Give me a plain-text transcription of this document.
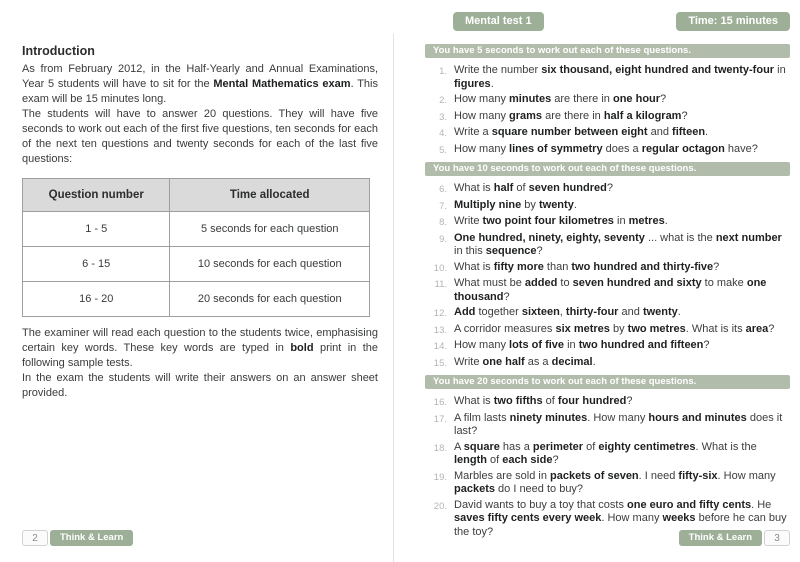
Introduction

As from February 2012, in the Half-Yearly and Annual Examinations, Year 5 students will have to sit for the Mental Mathematics exam. This exam will be 15 minutes long.

The students will have to answer 20 questions. They will have five seconds to work out each of the first five questions, ten seconds for each of the next ten questions and twenty seconds for each of the last five questions:

Question number	Time allocated
1 - 5	5 seconds for each question
6 - 15	10 seconds for each question
16 - 20	20 seconds for each question

The examiner will read each question to the students twice, emphasising certain key words. These key words are typed in bold print in the following sample tests.

In the exam the students will write their answers on an answer sheet provided.

Mental test 1	Time: 15 minutes
You have 5 seconds to work out each of these questions.
1. Write the number six thousand, eight hundred and twenty-four in figures.
2. How many minutes are there in one hour?
3. How many grams are there in half a kilogram?
4. Write a square number between eight and fifteen.
5. How many lines of symmetry does a regular octagon have?
You have 10 seconds to work out each of these questions.
6. What is half of seven hundred?
7. Multiply nine by twenty.
8. Write two point four kilometres in metres.
9. One hundred, ninety, eighty, seventy ... what is the next number in this sequence?
10. What is fifty more than two hundred and thirty-five?
11. What must be added to seven hundred and sixty to make one thousand?
12. Add together sixteen, thirty-four and twenty.
13. A corridor measures six metres by two metres. What is its area?
14. How many lots of five in two hundred and fifteen?
15. Write one half as a decimal.
You have 20 seconds to work out each of these questions.
16. What is two fifths of four hundred?
17. A film lasts ninety minutes. How many hours and minutes does it last?
18. A square has a perimeter of eighty centimetres. What is the length of each side?
19. Marbles are sold in packets of seven. I need fifty-six. How many packets do I need to buy?
20. David wants to buy a toy that costs one euro and fifty cents. He saves fifty cents every week. How many weeks before he can buy the toy?
2	Think & Learn	Think & Learn	3
